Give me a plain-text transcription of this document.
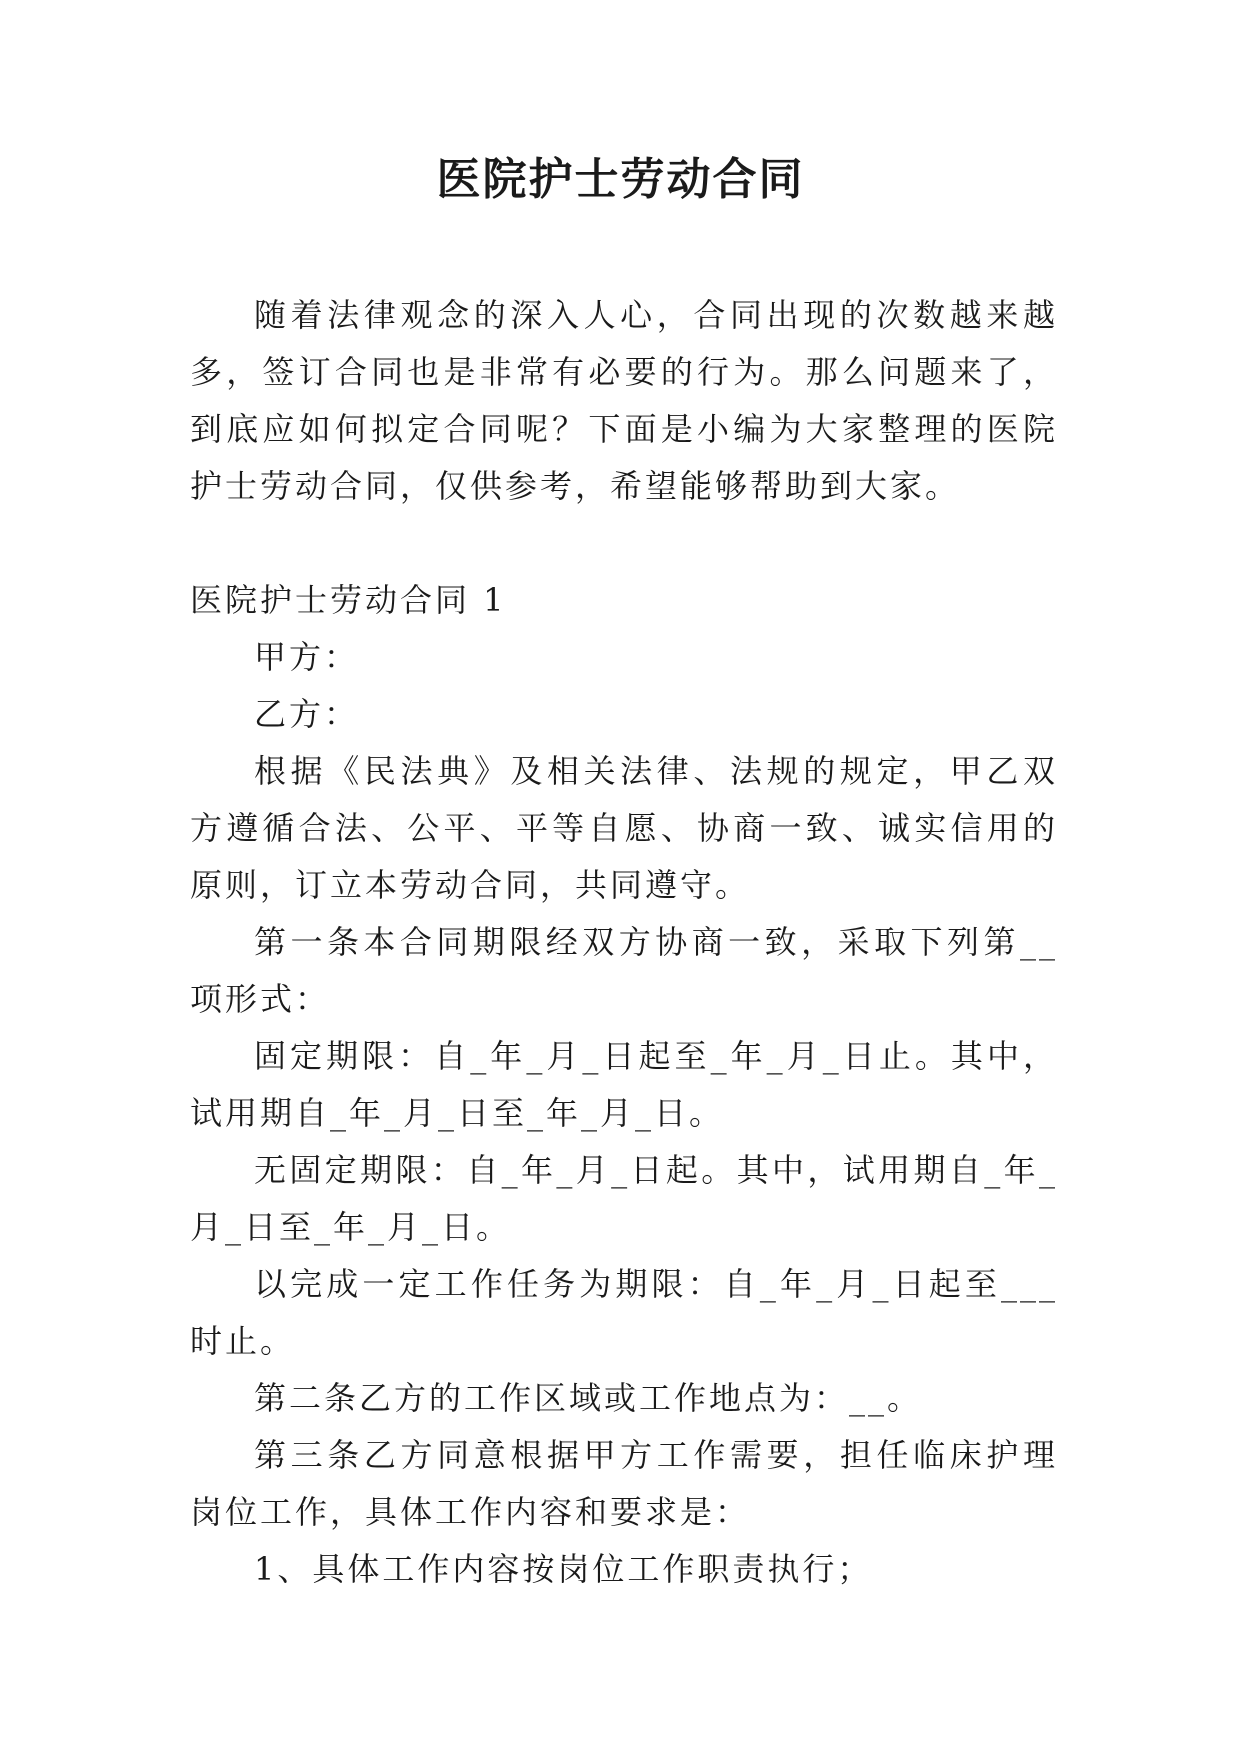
医院护士劳动合同

随着法律观念的深入人心，合同出现的次数越来越多，签订合同也是非常有必要的行为。那么问题来了，到底应如何拟定合同呢？下面是小编为大家整理的医院护士劳动合同，仅供参考，希望能够帮助到大家。

医院护士劳动合同 1

甲方：

乙方：

根据《民法典》及相关法律、法规的规定，甲乙双方遵循合法、公平、平等自愿、协商一致、诚实信用的原则，订立本劳动合同，共同遵守。

第一条本合同期限经双方协商一致，采取下列第__项形式：

固定期限：自_年_月_日起至_年_月_日止。其中，试用期自_年_月_日至_年_月_日。

无固定期限：自_年_月_日起。其中，试用期自_年_月_日至_年_月_日。

以完成一定工作任务为期限：自_年_月_日起至___时止。

第二条乙方的工作区域或工作地点为：__。

第三条乙方同意根据甲方工作需要，担任临床护理岗位工作，具体工作内容和要求是：

1、具体工作内容按岗位工作职责执行；
